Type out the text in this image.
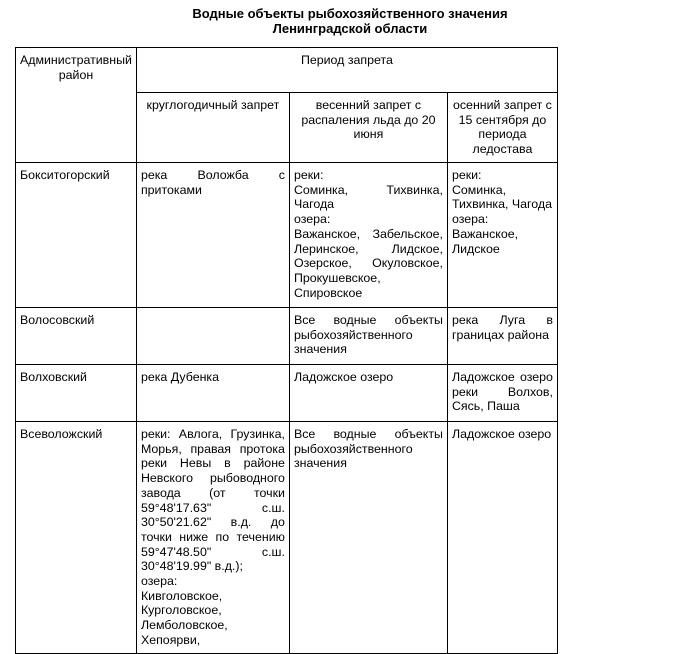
Водные объекты рыбохозяйственного значения
Ленинградской области
Административный район	Период запрета		
	круглогодичный запрет	весенний запрет с распаления льда до 20 июня	осенний запрет с 15 сентября до периода ледостава
Бокситогорский	река Воложба с притоками	реки:
Соминка, Тихвинка, Чагода
озера:
Важанское, Забельское, Леринское, Лидское, Озерское, Окуловское, Прокушевское, Спировское	реки:
Соминка, Тихвинка, Чагода
озера: Важанское, Лидское

Волосовский		Все водные объекты рыбохозяйственного значения	река Луга в границах района

Волховский	река Дубенка	Ладожское озеро	Ладожское озеро реки Волхов, Сясь, Паша

Всеволожский	реки: Авлога, Грузинка, Морья, правая протока реки Невы в районе Невского рыбоводного завода (от точки 59°48'17.63" с.ш. 30°50'21.62" в.д. до точки ниже по течению 59°47'48.50" с.ш. 30°48'19.99" в.д.);
озера:
Кивголовское, Курголовское, Лемболовское, Хепоярви,	Все водные объекты рыбохозяйственного значения	Ладожское озеро
